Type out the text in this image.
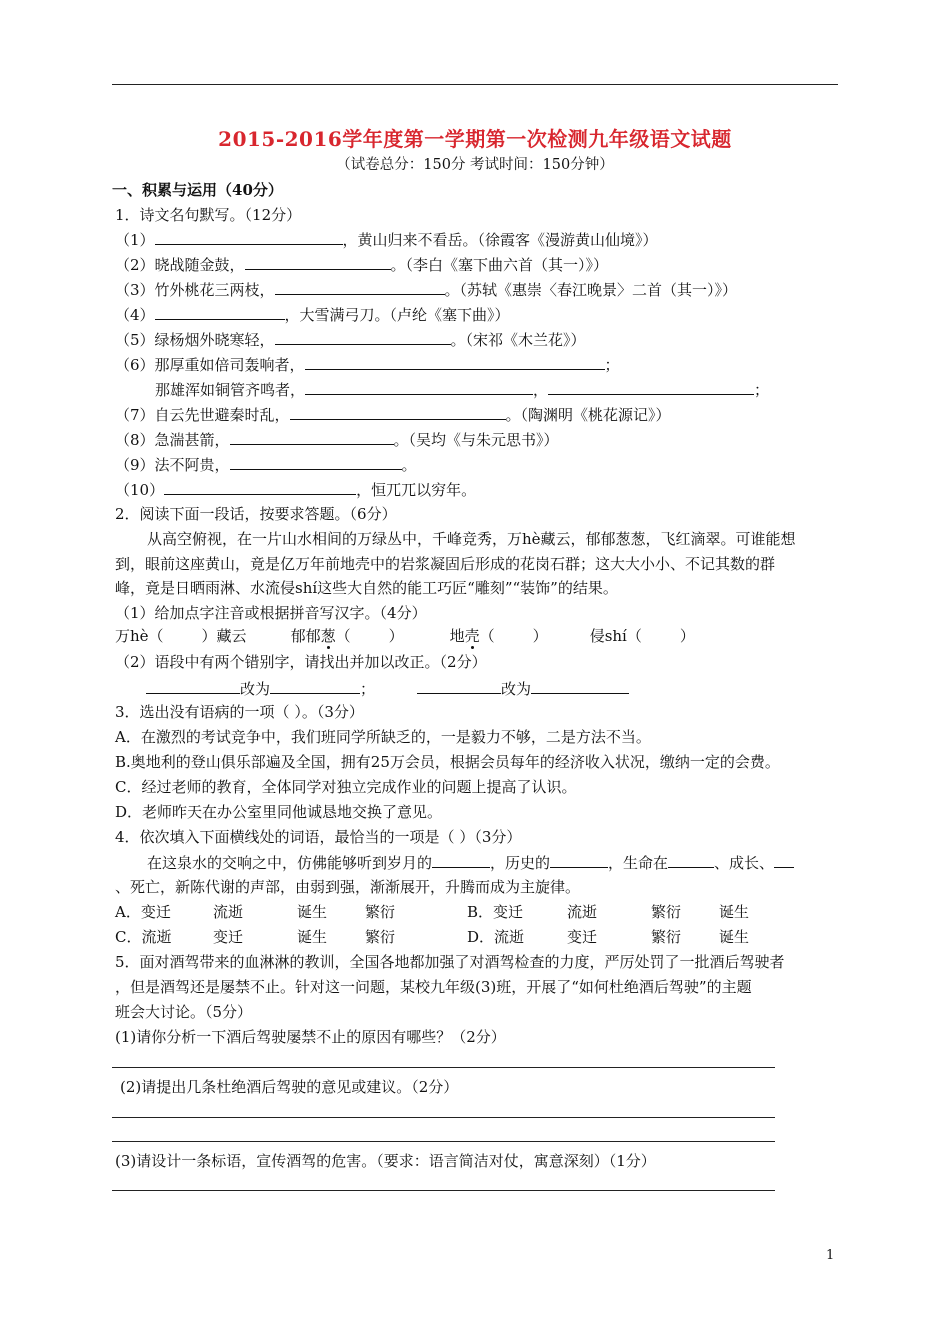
2015-2016学年度第一学期第一次检测九年级语文试题
（试卷总分：150分 考试时间：150分钟）
一、积累与运用（40分）
1．诗文名句默写。（12分）
（1）	，黄山归来不看岳。（徐霞客《漫游黄山仙境》）
（2）晓战随金鼓，	。（李白《塞下曲六首（其一）》）
（3）竹外桃花三两枝，	。（苏轼《惠崇〈春江晚景〉二首（其一）》）
（4）	，大雪满弓刀。（卢纶《塞下曲》）
（5）绿杨烟外晓寒轻，	。（宋祁《木兰花》）
（6）那厚重如倍司轰响者，	；
那雄浑如铜管齐鸣者，	，	；
（7）自云先世避秦时乱，	。（陶渊明《桃花源记》）
（8）急湍甚箭，	。（吴均《与朱元思书》）
（9）法不阿贵，	。
（10）	，恒兀兀以穷年。
2．阅读下面一段话，按要求答题。（6分）
从高空俯视，在一片山水相间的万绿丛中，千峰竞秀，万hè藏云，郁郁葱葱，飞红滴翠。可谁能想
到，眼前这座黄山，竟是亿万年前地壳中的岩浆凝固后形成的花岗石群；这大大小小、不记其数的群
峰，竟是日晒雨淋、水流侵shí这些大自然的能工巧匠“雕刻”“装饰”的结果。
（1）给加点字注音或根据拼音写汉字。（4分）
万hè（	）藏云	郁郁葱（	）	地壳（	）	侵shí（	）
（2）语段中有两个错别字，请找出并加以改正。（2分）
改为	；	改为
3．选出没有语病的一项（ ）。（3分）
A．在激烈的考试竞争中，我们班同学所缺乏的，一是毅力不够，二是方法不当。
B.奥地利的登山俱乐部遍及全国，拥有25万会员，根据会员每年的经济收入状况，缴纳一定的会费。
C．经过老师的教育，全体同学对独立完成作业的问题上提高了认识。
D．老师昨天在办公室里同他诚恳地交换了意见。
4．依次填入下面横线处的词语，最恰当的一项是（ ）（3分）
在这泉水的交响之中，仿佛能够听到岁月的	，历史的	，生命在	、成长、
、死亡，新陈代谢的声部，由弱到强，渐渐展开，升腾而成为主旋律。
A．变迁	流逝	诞生	繁衍	B．变迁	流逝	繁衍	诞生
C．流逝	变迁	诞生	繁衍	D．流逝	变迁	繁衍	诞生
5．面对酒驾带来的血淋淋的教训，全国各地都加强了对酒驾检查的力度，严厉处罚了一批酒后驾驶者
，但是酒驾还是屡禁不止。针对这一问题，某校九年级(3)班，开展了“如何杜绝酒后驾驶”的主题
班会大讨论。（5分）
(1)请你分析一下酒后驾驶屡禁不止的原因有哪些？（2分）
(2)请提出几条杜绝酒后驾驶的意见或建议。（2分）
(3)请设计一条标语，宣传酒驾的危害。（要求：语言简洁对仗，寓意深刻）（1分）
1
